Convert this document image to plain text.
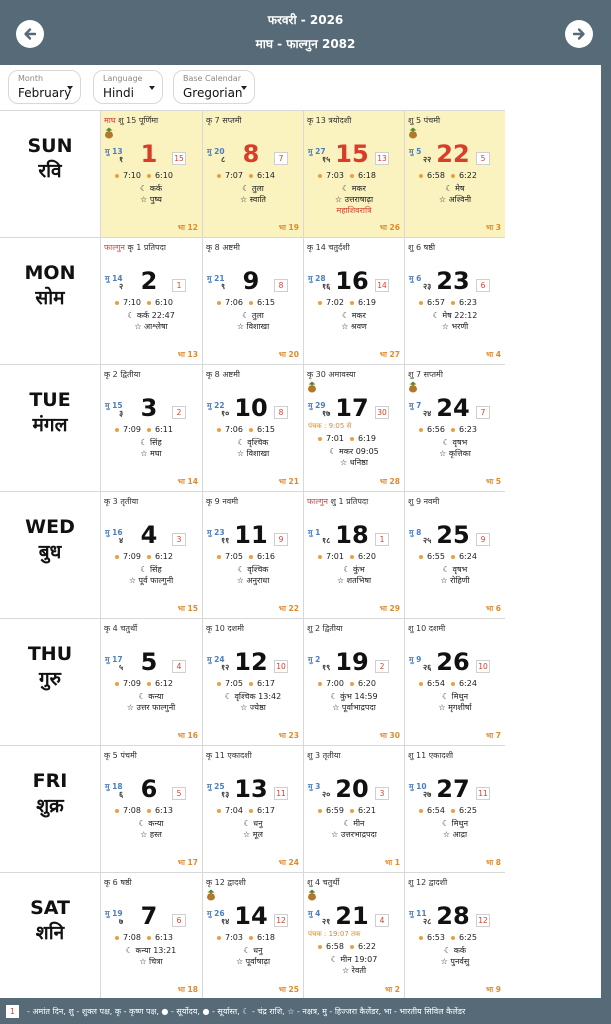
फरवरी - 2026
माघ - फाल्गुन 2082
Month
February
Language
Hindi
Base Calendar
Gregorian
SUN
रवि
माघ शु 15 पूर्णिमा
मु 13
१ 1	15
7:10 6:10
☾ कर्क
☆ पुष्य
भा 12
कृ 7 सप्तमी
मु 20
८ 8	7
7:07 6:14
☾ तुला
☆ स्वाति
भा 19
कृ 13 त्रयोदशी
मु 27
१५ 15	13
7:03 6:18
☾ मकर
☆ उत्तराषाढ़ा
महाशिवरात्रि
भा 26
शु 5 पंचमी
मु 5
२२ 22	5
6:58 6:22
☾ मेष
☆ अश्विनी
भा 3
MON
सोम
फाल्गुन कृ 1 प्रतिपदा
मु 14
२ 2	1
7:10 6:10
☾ कर्क 22:47
☆ आश्लेषा
भा 13
कृ 8 अष्टमी
मु 21
९ 9	8
7:06 6:15
☾ तुला
☆ विशाखा
भा 20
कृ 14 चतुर्दशी
मु 28
१६ 16	14
7:02 6:19
☾ मकर
☆ श्रवण
भा 27
शु 6 षष्ठी
मु 6
२३ 23	6
6:57 6:23
☾ मेष 22:12
☆ भरणी
भा 4
TUE
मंगल
कृ 2 द्वितीया
मु 15
३ 3	2
7:09 6:11
☾ सिंह
☆ मघा
भा 14
कृ 8 अष्टमी
मु 22
१० 10	8
7:06 6:15
☾ वृश्चिक
☆ विशाखा
भा 21
कृ 30 अमावस्या
मु 29
१७ 17	30
पंचक : 9:05 से
7:01 6:19
☾ मकर 09:05
☆ धनिष्ठा
भा 28
शु 7 सप्तमी
मु 7
२४ 24	7
6:56 6:23
☾ वृषभ
☆ कृत्तिका
भा 5
WED
बुध
कृ 3 तृतीया
मु 16
४ 4	3
7:09 6:12
☾ सिंह
☆ पूर्व फाल्गुनी
भा 15
कृ 9 नवमी
मु 23
११ 11	9
7:05 6:16
☾ वृश्चिक
☆ अनुराधा
भा 22
फाल्गुन शु 1 प्रतिपदा
मु 1
१८ 18	1
7:01 6:20
☾ कुंभ
☆ शतभिषा
भा 29
शु 9 नवमी
मु 8
२५ 25	9
6:55 6:24
☾ वृषभ
☆ रोहिणी
भा 6
THU
गुरु
कृ 4 चतुर्थी
मु 17
५ 5	4
7:09 6:12
☾ कन्या
☆ उत्तर फाल्गुनी
भा 16
कृ 10 दशमी
मु 24
१२ 12	10
7:05 6:17
☾ वृश्चिक 13:42
☆ ज्येष्ठा
भा 23
शु 2 द्वितीया
मु 2
१९ 19	2
7:00 6:20
☾ कुंभ 14:59
☆ पूर्वाभाद्रपदा
भा 30
शु 10 दशमी
मु 9
२६ 26	10
6:54 6:24
☾ मिथुन
☆ मृगशीर्षा
भा 7
FRI
शुक्र
कृ 5 पंचमी
मु 18
६ 6	5
7:08 6:13
☾ कन्या
☆ हस्त
भा 17
कृ 11 एकादशी
मु 25
१३ 13	11
7:04 6:17
☾ धनु
☆ मूल
भा 24
शु 3 तृतीया
मु 3
२० 20	3
6:59 6:21
☾ मीन
☆ उत्तरभाद्रपदा
भा 1
शु 11 एकादशी
मु 10
२७ 27	11
6:54 6:25
☾ मिथुन
☆ आद्रा
भा 8
SAT
शनि
कृ 6 षष्ठी
मु 19
७ 7	6
7:08 6:13
☾ कन्या 13:21
☆ चित्रा
भा 18
कृ 12 द्वादशी
मु 26
१४ 14	12
7:03 6:18
☾ धनु
☆ पूर्वाषाढ़ा
भा 25
शु 4 चतुर्थी
मु 4
२१ 21	4
पंचक : 19:07 तक
6:58 6:22
☾ मीन 19:07
☆ रेवती
भा 2
शु 12 द्वादशी
मु 11
२८ 28	12
6:53 6:25
☾ कर्क
☆ पुनर्वसु
भा 9
1	- अमांत दिन, शु - शुक्ल पक्ष, कृ - कृष्ण पक्ष, ● - सूर्योदय, ● - सूर्यास्त, ☾ - चंद्र राशि, ☆ - नक्षत्र, मु - हिज्जरा कैलेंडर, भा - भारतीय सिविल कैलेंडर
